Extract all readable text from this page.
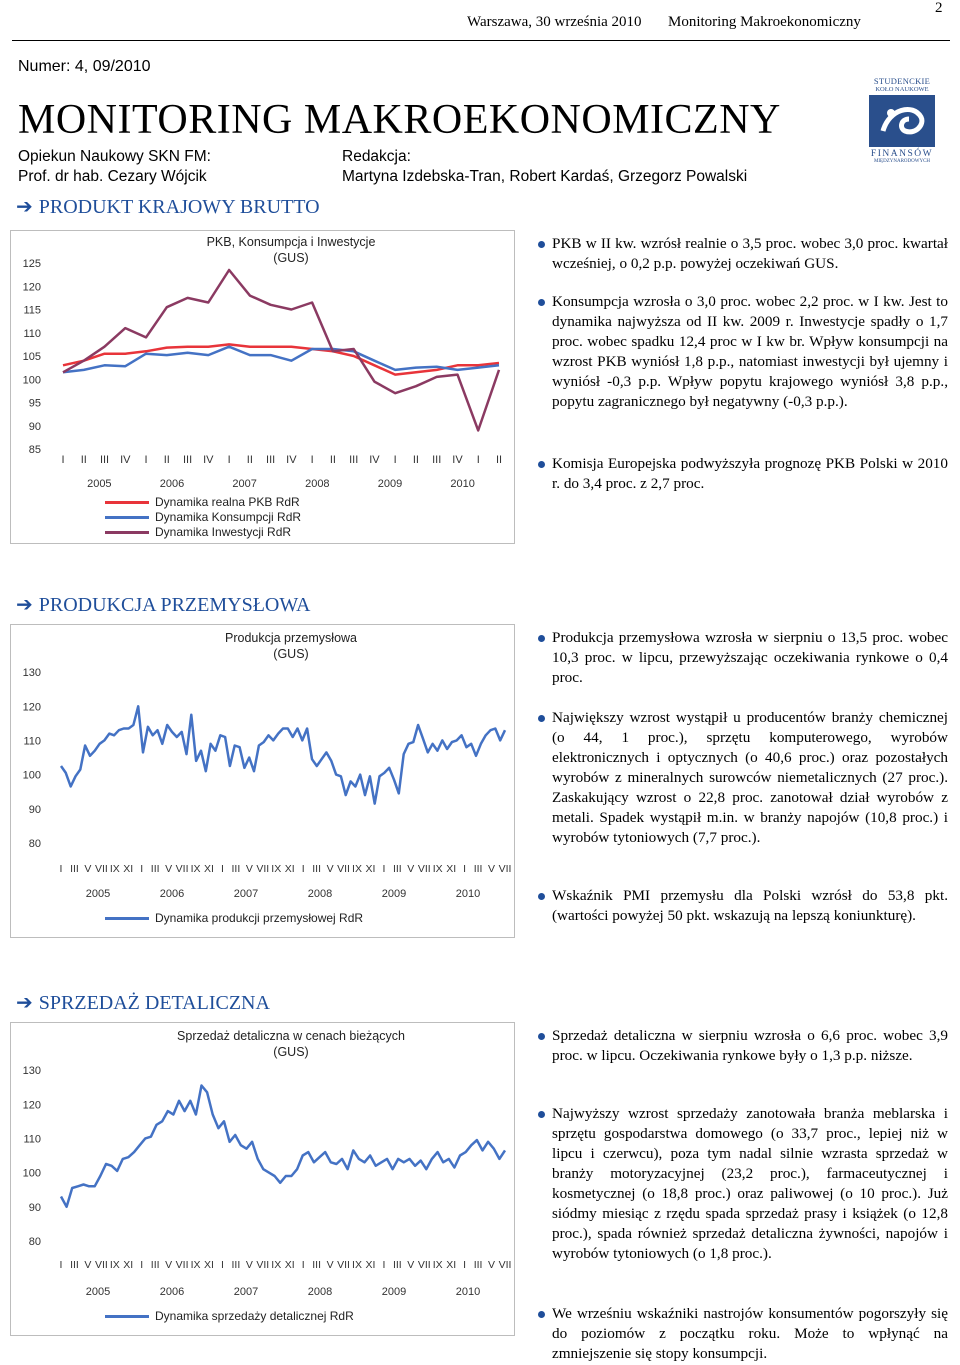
Warszawa, 30 września 2010 Monitoring Makroekonomiczny
2
Numer: 4, 09/2010
MONITORING MAKROEKONOMICZNY
Opiekun Naukowy SKN FM:
Prof. dr hab. Cezary Wójcik
Redakcja:
Martyna Izdebska-Tran, Robert Kardaś, Grzegorz Powalski
STUDENCKIE
KOŁO NAUKOWE
FINANSÓW
MIĘDZYNARODOWYCH
➔ PRODUKT KRAJOWY BRUTTO
PKB, Konsumpcja i Inwestycje
(GUS)
125
120
115
110
105
100
95
90
85
I II III IV I II III IV I II III IV I II III IV I II III IV I II
2005	2006	2007	2008	2009	2010
Dynamika realna PKB RdR
Dynamika Konsumpcji RdR
Dynamika Inwestycji RdR
PKB w II kw. wzrósł realnie o 3,5 proc. wobec 3,0 proc. kwartał wcześniej, o 0,2 p.p. powyżej oczekiwań GUS.
Konsumpcja wzrosła o 3,0 proc. wobec 2,2 proc. w I kw. Jest to dynamika najwyższa od II kw. 2009 r. Inwestycje spadły o 1,7 proc. wobec spadku 12,4 proc w I kw br. Wpływ konsumpcji na wzrost PKB wyniósł 1,8 p.p., natomiast inwestycji był ujemny i wyniósł -0,3 p.p. Wpływ popytu krajowego wyniósł 3,8 p.p., popytu zagranicznego był negatywny (-0,3 p.p.).
Komisja Europejska podwyższyła prognozę PKB Polski w 2010 r. do 3,4 proc. z 2,7 proc.
➔ PRODUKCJA PRZEMYSŁOWA
Produkcja przemysłowa
(GUS)
130
120
110
100
90
80
I III V VII IX XI I III V VII IX XI I III V VII IX XI I III V VII IX XI I III V VII IX XI I III V VII
2005	2006	2007	2008	2009	2010
Dynamika produkcji przemysłowej RdR
Produkcja przemysłowa wzrosła w sierpniu o 13,5 proc. wobec 10,3 proc. w lipcu, przewyższając oczekiwania rynkowe o 0,4 proc.
Największy wzrost wystąpił u producentów branży chemicznej (o 44, 1 proc.), sprzętu komputerowego, wyrobów elektronicznych i optycznych (o 40,6 proc.) oraz pozostałych wyrobów z mineralnych surowców niemetalicznych (27 proc.). Zaskakujący wzrost o 22,8 proc. zanotował dział wyrobów z metali. Spadek wystąpił m.in. w branży napojów (10,8 proc.) i wyrobów tytoniowych (7,7 proc.).
Wskaźnik PMI przemysłu dla Polski wzrósł do 53,8 pkt. (wartości powyżej 50 pkt. wskazują na lepszą koniunkturę).
➔ SPRZEDAŻ DETALICZNA
Sprzedaż detaliczna w cenach bieżących
(GUS)
130
120
110
100
90
80
I III V VII IX XI I III V VII IX XI I III V VII IX XI I III V VII IX XI I III V VII IX XI I III V VII
2005	2006	2007	2008	2009	2010
Dynamika sprzedaży detalicznej RdR
Sprzedaż detaliczna w sierpniu wzrosła o 6,6 proc. wobec 3,9 proc. w lipcu. Oczekiwania rynkowe były o 1,3 p.p. niższe.
Najwyższy wzrost sprzedaży zanotowała branża meblarska i sprzętu gospodarstwa domowego (o 33,7 proc., lepiej niż w lipcu i czerwcu), poza tym nadal silnie wzrasta sprzedaż w branży motoryzacyjnej (23,2 proc.), farmaceutycznej i kosmetycznej (o 18,8 proc.) oraz paliwowej (o 10 proc.). Już siódmy miesiąc z rzędu spada sprzedaż prasy i książek (o 12,8 proc.), spada również sprzedaż detaliczna żywności, napojów i wyrobów tytoniowych (o 1,8 proc.).
We wrześniu wskaźniki nastrojów konsumentów pogorszyły się do poziomów z początku roku. Może to wpłynąć na zmniejszenie się stopy konsumpcji.
